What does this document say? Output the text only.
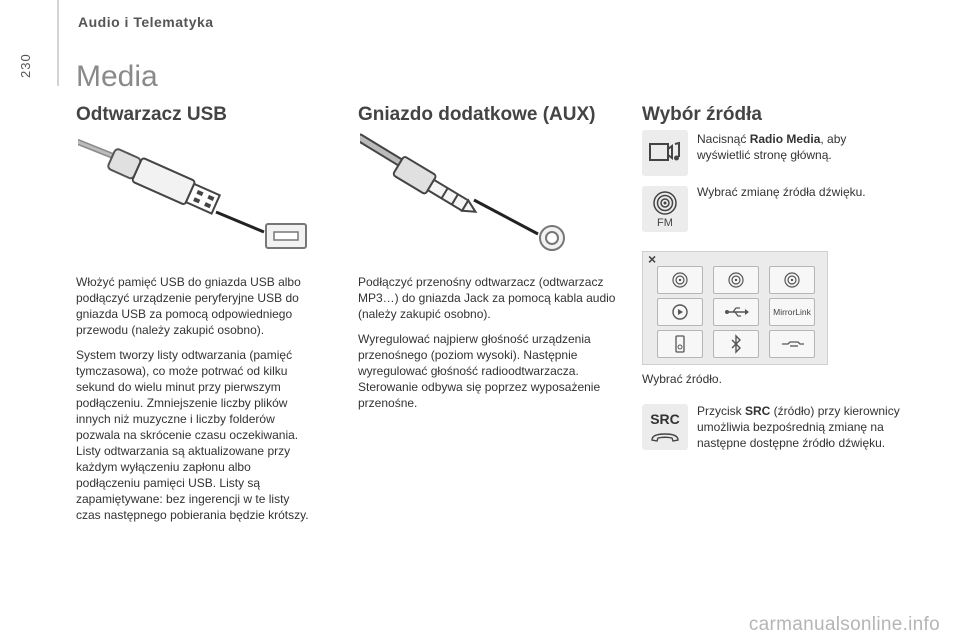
230
Audio i Telematyka
Media
Odtwarzacz USB

Włożyć pamięć USB do gniazda USB albo podłączyć urządzenie peryferyjne USB do gniazda USB za pomocą odpowiedniego przewodu (należy zakupić osobno).

System tworzy listy odtwarzania (pamięć tymczasowa), co może potrwać od kilku sekund do wielu minut przy pierwszym podłączeniu. Zmniejszenie liczby plików innych niż muzyczne i liczby folderów pozwala na skrócenie czasu oczekiwania. Listy odtwarzania są aktualizowane przy każdym wyłączeniu zapłonu albo podłączeniu pamięci USB. Listy są zapamiętywane: bez ingerencji w te listy czas następnego pobierania będzie krótszy.

Gniazdo dodatkowe (AUX)

Podłączyć przenośny odtwarzacz (odtwarzacz MP3…) do gniazda Jack za pomocą kabla audio (należy zakupić osobno).

Wyregulować najpierw głośność urządzenia przenośnego (poziom wysoki). Następnie wyregulować głośność radioodtwarzacza. Sterowanie odbywa się poprzez wyposażenie przenośne.

Wybór źródła
Nacisnąć Radio Media, aby wyświetlić stronę główną.
FM
Wybrać zmianę źródła dźwięku.
×
MirrorLink
Wybrać źródło.
SRC	Przycisk SRC (źródło) przy kierownicy umożliwia bezpośrednią zmianę na następne dostępne źródło dźwięku.
carmanualsonline.info
